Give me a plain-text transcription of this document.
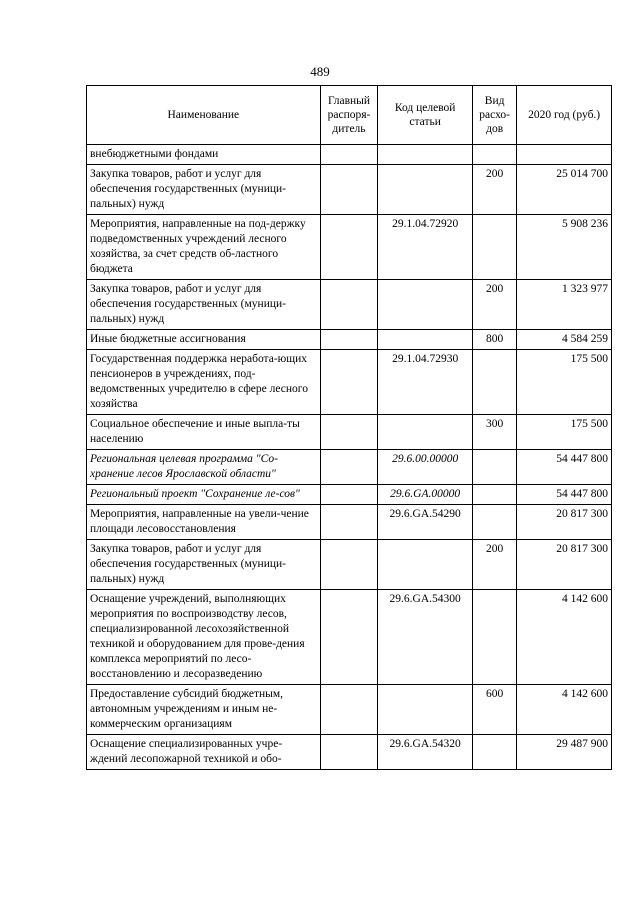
489
Наименование	Главный распоря-дитель	Код целевой статьи	Вид расхо-дов	2020 год (руб.)
внебюджетными фондами				
Закупка товаров, работ и услуг для обеспечения государственных (муници-пальных) нужд			200	25 014 700
Мероприятия, направленные на под-держку подведомственных учреждений лесного хозяйства, за счет средств об-ластного бюджета		29.1.04.72920		5 908 236
Закупка товаров, работ и услуг для обеспечения государственных (муници-пальных) нужд			200	1 323 977
Иные бюджетные ассигнования			800	4 584 259
Государственная поддержка неработа-ющих пенсионеров в учреждениях, под-ведомственных учредителю в сфере лесного хозяйства		29.1.04.72930		175 500
Социальное обеспечение и иные выпла-ты населению			300	175 500
Региональная целевая программа "Со-хранение лесов Ярославской области"		29.6.00.00000		54 447 800
Региональный проект "Сохранение ле-сов"		29.6.GA.00000		54 447 800
Мероприятия, направленные на увели-чение площади лесовосстановления		29.6.GA.54290		20 817 300
Закупка товаров, работ и услуг для обеспечения государственных (муници-пальных) нужд			200	20 817 300
Оснащение учреждений, выполняющих мероприятия по воспроизводству лесов, специализированной лесохозяйственной техникой и оборудованием для прове-дения комплекса мероприятий по лесо-восстановлению и лесоразведению		29.6.GA.54300		4 142 600
Предоставление субсидий бюджетным, автономным учреждениям и иным не-коммерческим организациям			600	4 142 600
Оснащение специализированных учре-ждений лесопожарной техникой и обо-		29.6.GA.54320		29 487 900
